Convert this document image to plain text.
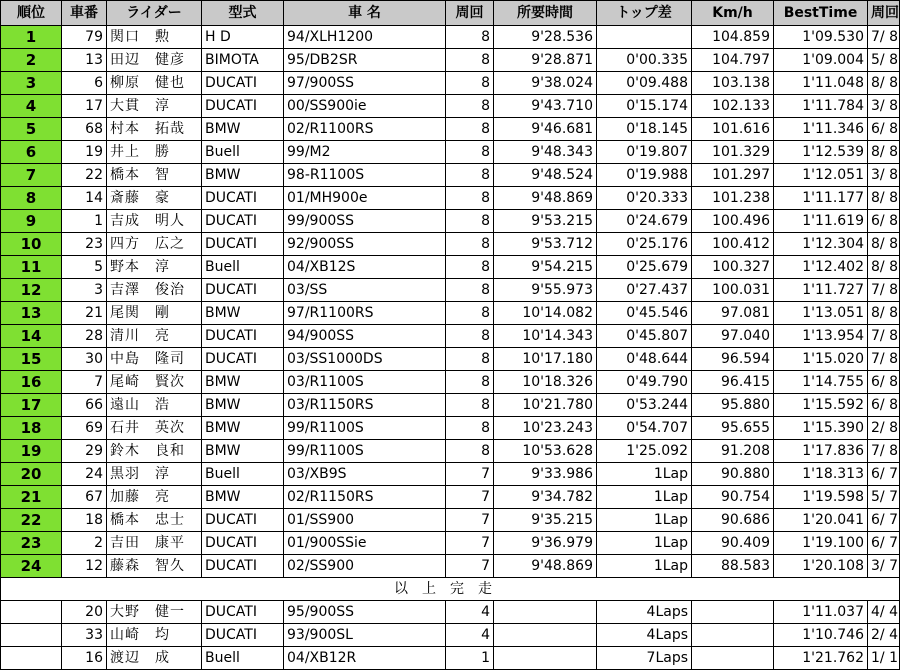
順位	車番	ライダー	型式	車 名	周回	所要時間	トップ差	Km/h	BestTime	周回
1	79	関口　勲	H D	94/XLH1200	8	9'28.536		104.859	1'09.530	7/ 8
2	13	田辺　健彦	BIMOTA	95/DB2SR	8	9'28.871	0'00.335	104.797	1'09.004	5/ 8
3	6	柳原　健也	DUCATI	97/900SS	8	9'38.024	0'09.488	103.138	1'11.048	8/ 8
4	17	大貫　淳	DUCATI	00/SS900ie	8	9'43.710	0'15.174	102.133	1'11.784	3/ 8
5	68	村本　拓哉	BMW	02/R1100RS	8	9'46.681	0'18.145	101.616	1'11.346	6/ 8
6	19	井上　勝	Buell	99/M2	8	9'48.343	0'19.807	101.329	1'12.539	8/ 8
7	22	橋本　智	BMW	98-R1100S	8	9'48.524	0'19.988	101.297	1'12.051	3/ 8
8	14	斎藤　豪	DUCATI	01/MH900e	8	9'48.869	0'20.333	101.238	1'11.177	8/ 8
9	1	吉成　明人	DUCATI	99/900SS	8	9'53.215	0'24.679	100.496	1'11.619	6/ 8
10	23	四方　広之	DUCATI	92/900SS	8	9'53.712	0'25.176	100.412	1'12.304	8/ 8
11	5	野本　淳	Buell	04/XB12S	8	9'54.215	0'25.679	100.327	1'12.402	8/ 8
12	3	吉澤　俊治	DUCATI	03/SS	8	9'55.973	0'27.437	100.031	1'11.727	7/ 8
13	21	尾関　剛	BMW	97/R1100RS	8	10'14.082	0'45.546	97.081	1'13.051	8/ 8
14	28	清川　亮	DUCATI	94/900SS	8	10'14.343	0'45.807	97.040	1'13.954	7/ 8
15	30	中島　隆司	DUCATI	03/SS1000DS	8	10'17.180	0'48.644	96.594	1'15.020	7/ 8
16	7	尾崎　賢次	BMW	03/R1100S	8	10'18.326	0'49.790	96.415	1'14.755	6/ 8
17	66	遠山　浩	BMW	03/R1150RS	8	10'21.780	0'53.244	95.880	1'15.592	6/ 8
18	69	石井　英次	BMW	99/R1100S	8	10'23.243	0'54.707	95.655	1'15.390	2/ 8
19	29	鈴木　良和	BMW	99/R1100S	8	10'53.628	1'25.092	91.208	1'17.836	7/ 8
20	24	黒羽　淳	Buell	03/XB9S	7	9'33.986	1Lap	90.880	1'18.313	6/ 7
21	67	加藤　亮	BMW	02/R1150RS	7	9'34.782	1Lap	90.754	1'19.598	5/ 7
22	18	橋本　忠士	DUCATI	01/SS900	7	9'35.215	1Lap	90.686	1'20.041	6/ 7
23	2	吉田　康平	DUCATI	01/900SSie	7	9'36.979	1Lap	90.409	1'19.100	6/ 7
24	12	藤森　智久	DUCATI	02/SS900	7	9'48.869	1Lap	88.583	1'20.108	3/ 7
以上完走										
	20	大野　健一	DUCATI	95/900SS	4		4Laps		1'11.037	4/ 4
	33	山崎　均	DUCATI	93/900SL	4		4Laps		1'10.746	2/ 4
	16	渡辺　成	Buell	04/XB12R	1		7Laps		1'21.762	1/ 1
